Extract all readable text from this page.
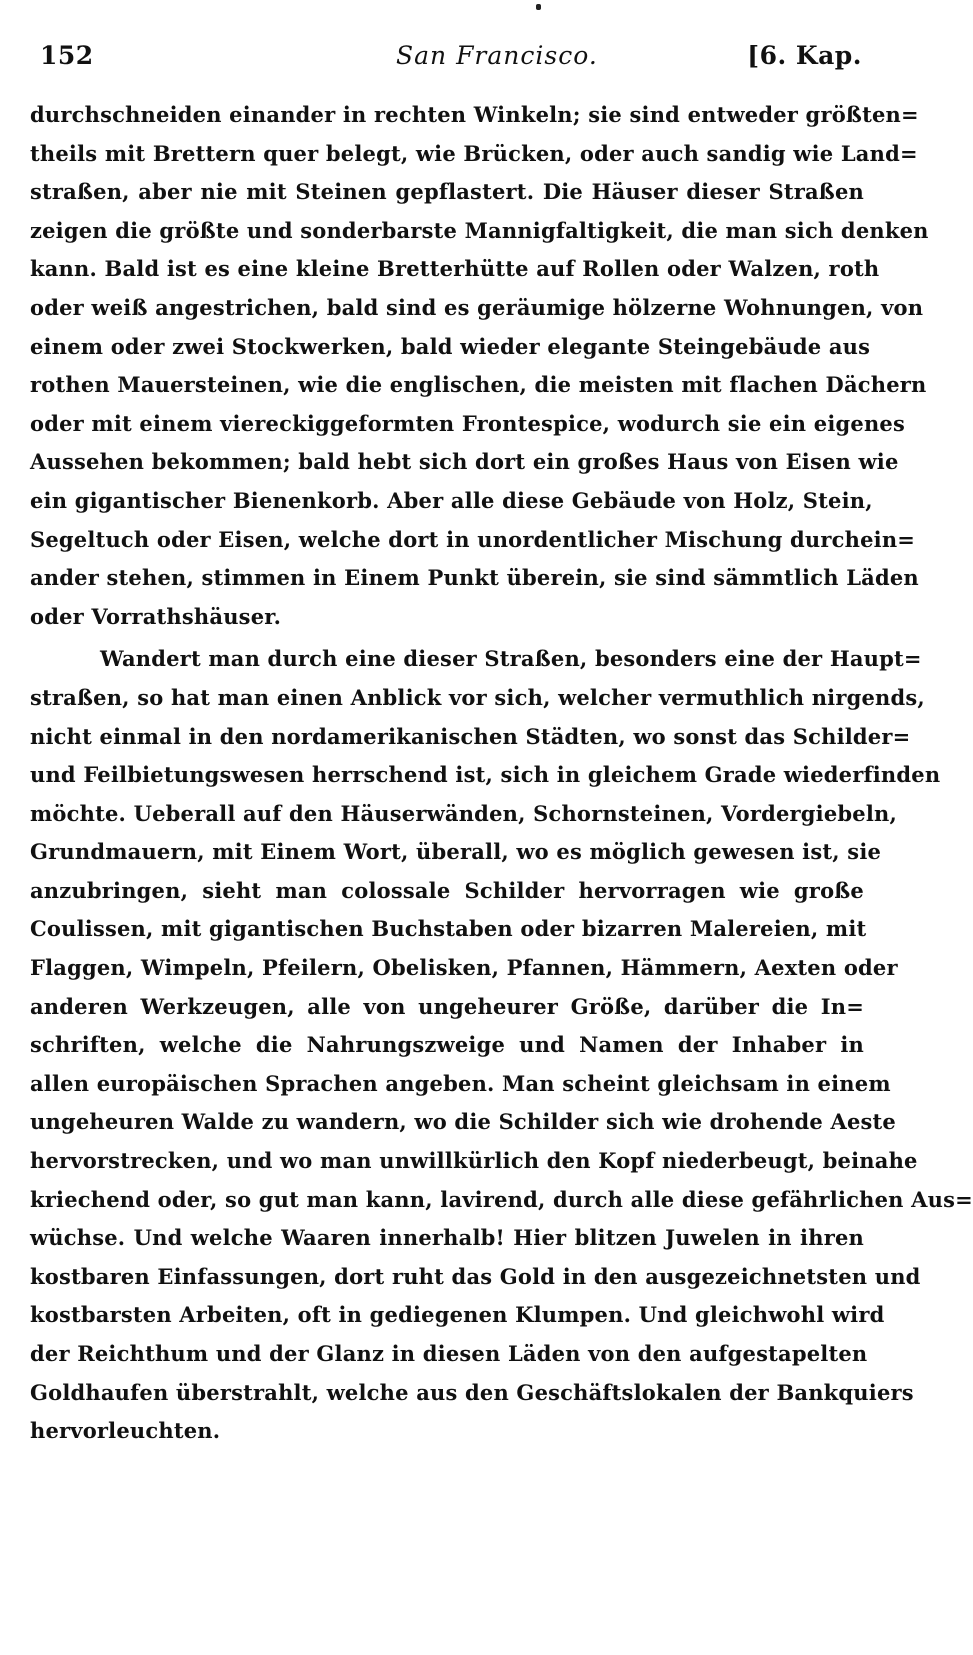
152	San Francisco.	[6. Kap.
durchschneiden einander in rechten Winkeln; sie sind entweder größten=
theils mit Brettern quer belegt, wie Brücken, oder auch sandig wie Land=
straßen, aber nie mit Steinen gepflastert. Die Häuser dieser Straßen
zeigen die größte und sonderbarste Mannigfaltigkeit, die man sich denken
kann. Bald ist es eine kleine Bretterhütte auf Rollen oder Walzen, roth
oder weiß angestrichen, bald sind es geräumige hölzerne Wohnungen, von
einem oder zwei Stockwerken, bald wieder elegante Steingebäude aus
rothen Mauersteinen, wie die englischen, die meisten mit flachen Dächern
oder mit einem viereckiggeformten Frontespice, wodurch sie ein eigenes
Aussehen bekommen; bald hebt sich dort ein großes Haus von Eisen wie
ein gigantischer Bienenkorb. Aber alle diese Gebäude von Holz, Stein,
Segeltuch oder Eisen, welche dort in unordentlicher Mischung durchein=
ander stehen, stimmen in Einem Punkt überein, sie sind sämmtlich Läden
oder Vorrathshäuser.
Wandert man durch eine dieser Straßen, besonders eine der Haupt=
straßen, so hat man einen Anblick vor sich, welcher vermuthlich nirgends,
nicht einmal in den nordamerikanischen Städten, wo sonst das Schilder=
und Feilbietungswesen herrschend ist, sich in gleichem Grade wiederfinden
möchte. Ueberall auf den Häuserwänden, Schornsteinen, Vordergiebeln,
Grundmauern, mit Einem Wort, überall, wo es möglich gewesen ist, sie
anzubringen, sieht man colossale Schilder hervorragen wie große
Coulissen, mit gigantischen Buchstaben oder bizarren Malereien, mit
Flaggen, Wimpeln, Pfeilern, Obelisken, Pfannen, Hämmern, Aexten oder
anderen Werkzeugen, alle von ungeheurer Größe, darüber die In=
schriften, welche die Nahrungszweige und Namen der Inhaber in
allen europäischen Sprachen angeben. Man scheint gleichsam in einem
ungeheuren Walde zu wandern, wo die Schilder sich wie drohende Aeste
hervorstrecken, und wo man unwillkürlich den Kopf niederbeugt, beinahe
kriechend oder, so gut man kann, lavirend, durch alle diese gefährlichen Aus=
wüchse. Und welche Waaren innerhalb! Hier blitzen Juwelen in ihren
kostbaren Einfassungen, dort ruht das Gold in den ausgezeichnetsten und
kostbarsten Arbeiten, oft in gediegenen Klumpen. Und gleichwohl wird
der Reichthum und der Glanz in diesen Läden von den aufgestapelten
Goldhaufen überstrahlt, welche aus den Geschäftslokalen der Bankquiers
hervorleuchten.
